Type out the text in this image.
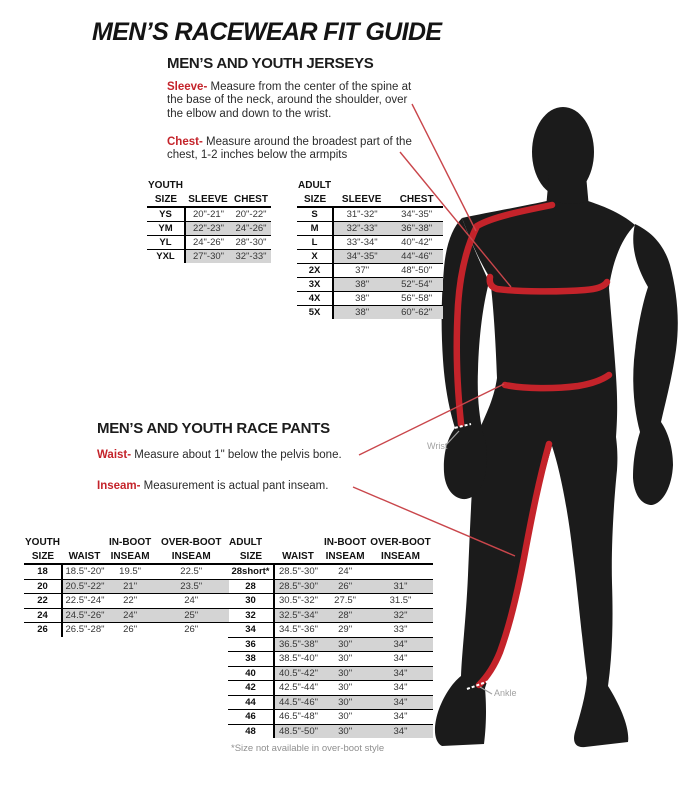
MEN’S RACEWEAR FIT GUIDE
MEN’S AND YOUTH JERSEYS

Sleeve- Measure from the center of the spine at the base of the neck, around the shoulder, over the elbow and down to the wrist.

Chest- Measure around the broadest part of the chest, 1-2 inches below the armpits

YOUTH		
SIZE	SLEEVE	CHEST
YS	20"-21"	20"-22"
YM	22"-23"	24"-26"
YL	24"-26"	28"-30"
YXL	27"-30"	32"-33"
ADULT		
SIZE	SLEEVE	CHEST
S	31"-32"	34"-35"
M	32"-33"	36"-38"
L	33"-34"	40"-42"
X	34"-35"	44"-46"
2X	37"	48"-50"
3X	38"	52"-54"
4X	38"	56"-58"
5X	38"	60"-62"
MEN’S AND YOUTH RACE PANTS

Waist- Measure about 1" below the pelvis bone.

Inseam- Measurement is actual pant inseam.

YOUTH		IN-BOOT	OVER-BOOT
SIZE	WAIST	INSEAM	INSEAM
18	18.5"-20"	19.5"	22.5"
20	20.5"-22"	21"	23.5"
22	22.5"-24"	22"	24"
24	24.5"-26"	24"	25"
26	26.5"-28"	26"	26"
ADULT		IN-BOOT	OVER-BOOT
SIZE	WAIST	INSEAM	INSEAM
28short*	28.5"-30"	24"	
28	28.5"-30"	26"	31"
30	30.5"-32"	27.5"	31.5"
32	32.5"-34"	28"	32"
34	34.5"-36"	29"	33"
36	36.5"-38"	30"	34"
38	38.5"-40"	30"	34"
40	40.5"-42"	30"	34"
42	42.5"-44"	30"	34"
44	44.5"-46"	30"	34"
46	46.5"-48"	30"	34"
48	48.5"-50"	30"	34"
*Size not available in over-boot style
Wrist
Ankle
